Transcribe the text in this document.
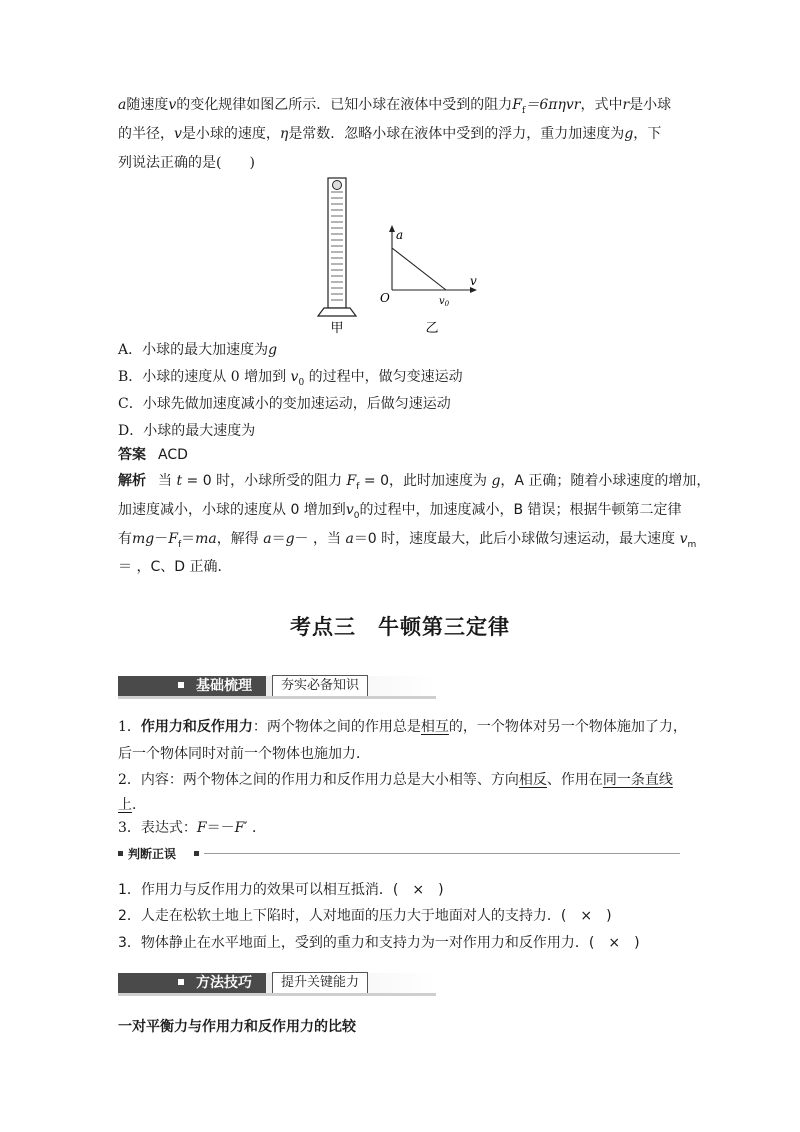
a随速度v的变化规律如图乙所示．已知小球在液体中受到的阻力$F_f=6\pi\eta vr$，式中r是小球
的半径，v是小球的速度，η是常数．忽略小球在液体中受到的浮力，重力加速度为g，下
列说法正确的是(　　)
甲
a
v
O	$v_0$
乙
A．小球的最大加速度为g
B．小球的速度从 0 增加到 $v_0$ 的过程中，做匀变速运动
C．小球先做加速度减小的变加速运动，后做匀速运动
D．小球的最大速度为
答案 ACD
解析 当 t = 0 时，小球所受的阻力 $F_f = 0$，此时加速度为 g，A 正确；随着小球速度的增加，
加速度减小，小球的速度从 0 增加到$v_0$的过程中，加速度减小，B 错误；根据牛顿第二定律
有$mg-F_f=ma$，解得 a＝g－ ，当 a＝0 时，速度最大，此后小球做匀速运动，最大速度 $v_m$
＝ ，C、D 正确．
考点三　牛顿第三定律
基础梳理	夯实必备知识
1．作用力和反作用力：两个物体之间的作用总是相互的，一个物体对另一个物体施加了力，
后一个物体同时对前一个物体也施加力．
2．内容：两个物体之间的作用力和反作用力总是大小相等、方向相反、作用在同一条直线
上．
3．表达式：F＝－F′ ．
判断正误
1．作用力与反作用力的效果可以相互抵消．(　×　)
2．人走在松软土地上下陷时，人对地面的压力大于地面对人的支持力．(　×　)
3．物体静止在水平地面上，受到的重力和支持力为一对作用力和反作用力．(　×　)
方法技巧	提升关键能力
一对平衡力与作用力和反作用力的比较
